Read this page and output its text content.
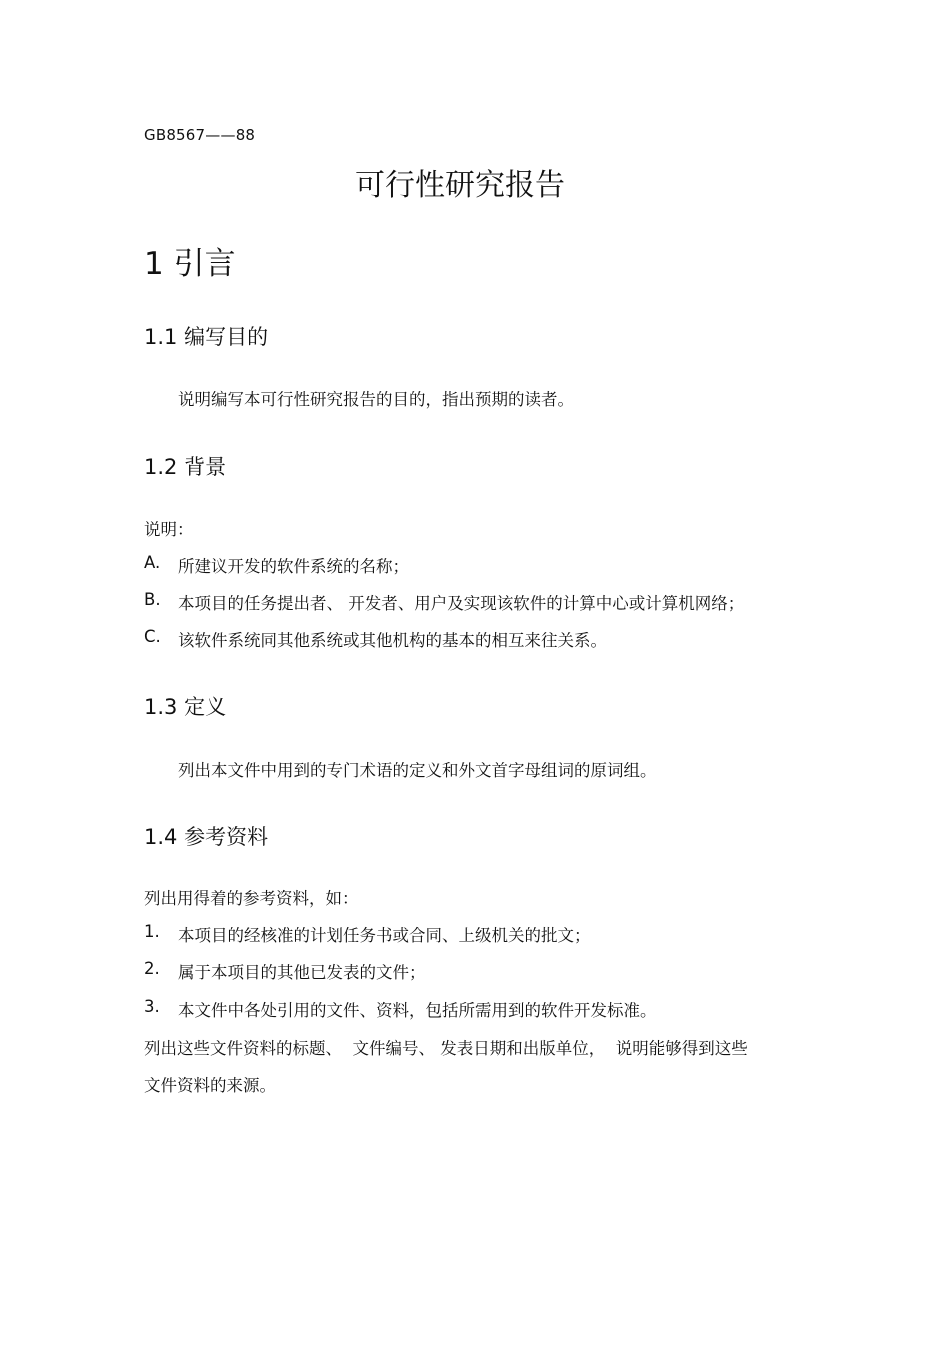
GB8567——88
可行性研究报告
1 引言
1.1 编写目的
说明编写本可行性研究报告的目的，指出预期的读者。
1.2 背景
说明：
A. 所建议开发的软件系统的名称；
B. 本项目的任务提出者、 开发者、用户及实现该软件的计算中心或计算机网络；
C. 该软件系统同其他系统或其他机构的基本的相互来往关系。
1.3 定义
列出本文件中用到的专门术语的定义和外文首字母组词的原词组。
1.4 参考资料
列出用得着的参考资料，如：
1. 本项目的经核准的计划任务书或合同、上级机关的批文；
2. 属于本项目的其他已发表的文件；
3. 本文件中各处引用的文件、资料，包括所需用到的软件开发标准。
列出这些文件资料的标题、  文件编号、 发表日期和出版单位，  说明能够得到这些
文件资料的来源。
